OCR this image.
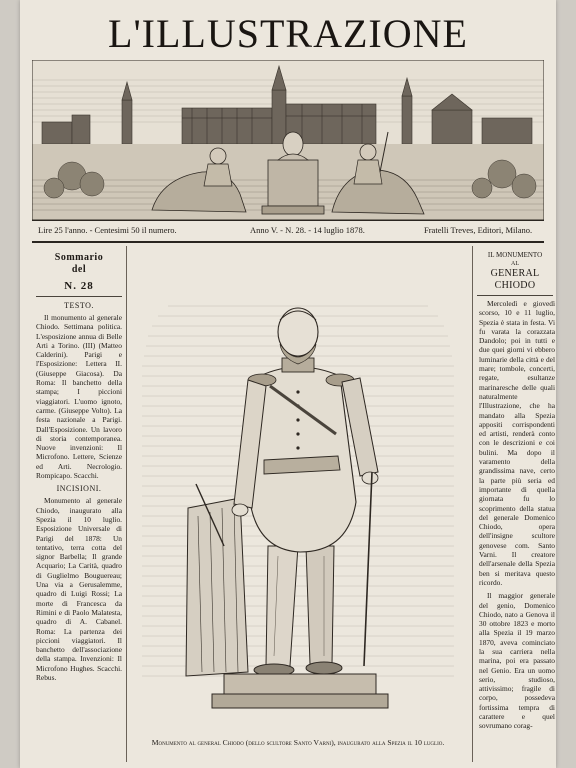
L'ILLUSTRAZIONE
Lire 25 l'anno. - Centesimi 50 il numero.	Anno V. - N. 28. - 14 luglio 1878.	Fratelli Treves, Editori, Milano.
Sommario
del
N. 28
TESTO.

Il monumento al generale Chiodo. Settimana politica. L'esposizione annua di Belle Arti a Torino. (III) (Matteo Calderini). Parigi e l'Esposizione: Lettera II. (Giuseppe Giacosa). Da Roma: Il banchetto della stampa; I piccioni viaggiatori. L'uomo ignoto, carme. (Giuseppe Volto). La festa nazionale a Parigi. Dall'Esposizione. Un lavoro di storia contemporanea. Nuove invenzioni: Il Microfono. Lettere, Scienze ed Arti. Necrologio. Rompicapo. Scacchi.

INCISIONI.

Monumento al generale Chiodo, inaugurato alla Spezia il 10 luglio. Esposizione Universale di Parigi del 1878: Un tentativo, terra cotta del signor Barbella; Il grande Acquario; La Carità, quadro di Guglielmo Bouguereau; Una via a Gerusalemme, quadro di Luigi Rossi; La morte di Francesca da Rimini e di Paolo Malatesta, quadro di A. Cabanel. Roma: La partenza dei piccioni viaggiatori. Il banchetto dell'associazione della stampa. Invenzioni: Il Microfono Hughes. Scacchi. Rebus.

Monumento al general Chiodo (dello scultore Santo Varni), inaugurato alla Spezia il 10 luglio.
IL MONUMENTO
AL
GENERAL CHIODO

Mercoledì e giovedì scorso, 10 e 11 luglio, Spezia è stata in festa. Vi fu varata la corazzata Dandolo; poi in tutti e due quei giorni vi ebbero luminarie della città e del mare; tombole, concerti, regate, esultanze marinaresche delle quali naturalmente l'Illustrazione, che ha mandato alla Spezia appositi corrispondenti ed artisti, renderà conto con le descrizioni e coi bulini. Ma dopo il varamento della grandissima nave, certo la parte più seria ed importante di quella giornata fu lo scoprimento della statua del generale Domenico Chiodo, opera dell'insigne scultore genovese com. Santo Varni. Il creatore dell'arsenale della Spezia ben si meritava questo ricordo.

Il maggior generale del genio, Domenico Chiodo, nato a Genova il 30 ottobre 1823 e morto alla Spezia il 19 marzo 1870, aveva cominciato la sua carriera nella marina, poi era passato nel Genio. Era un uomo serio, studioso, attivissimo; fragile di corpo, possedeva fortissima tempra di carattere e quel sovrumano corag-
